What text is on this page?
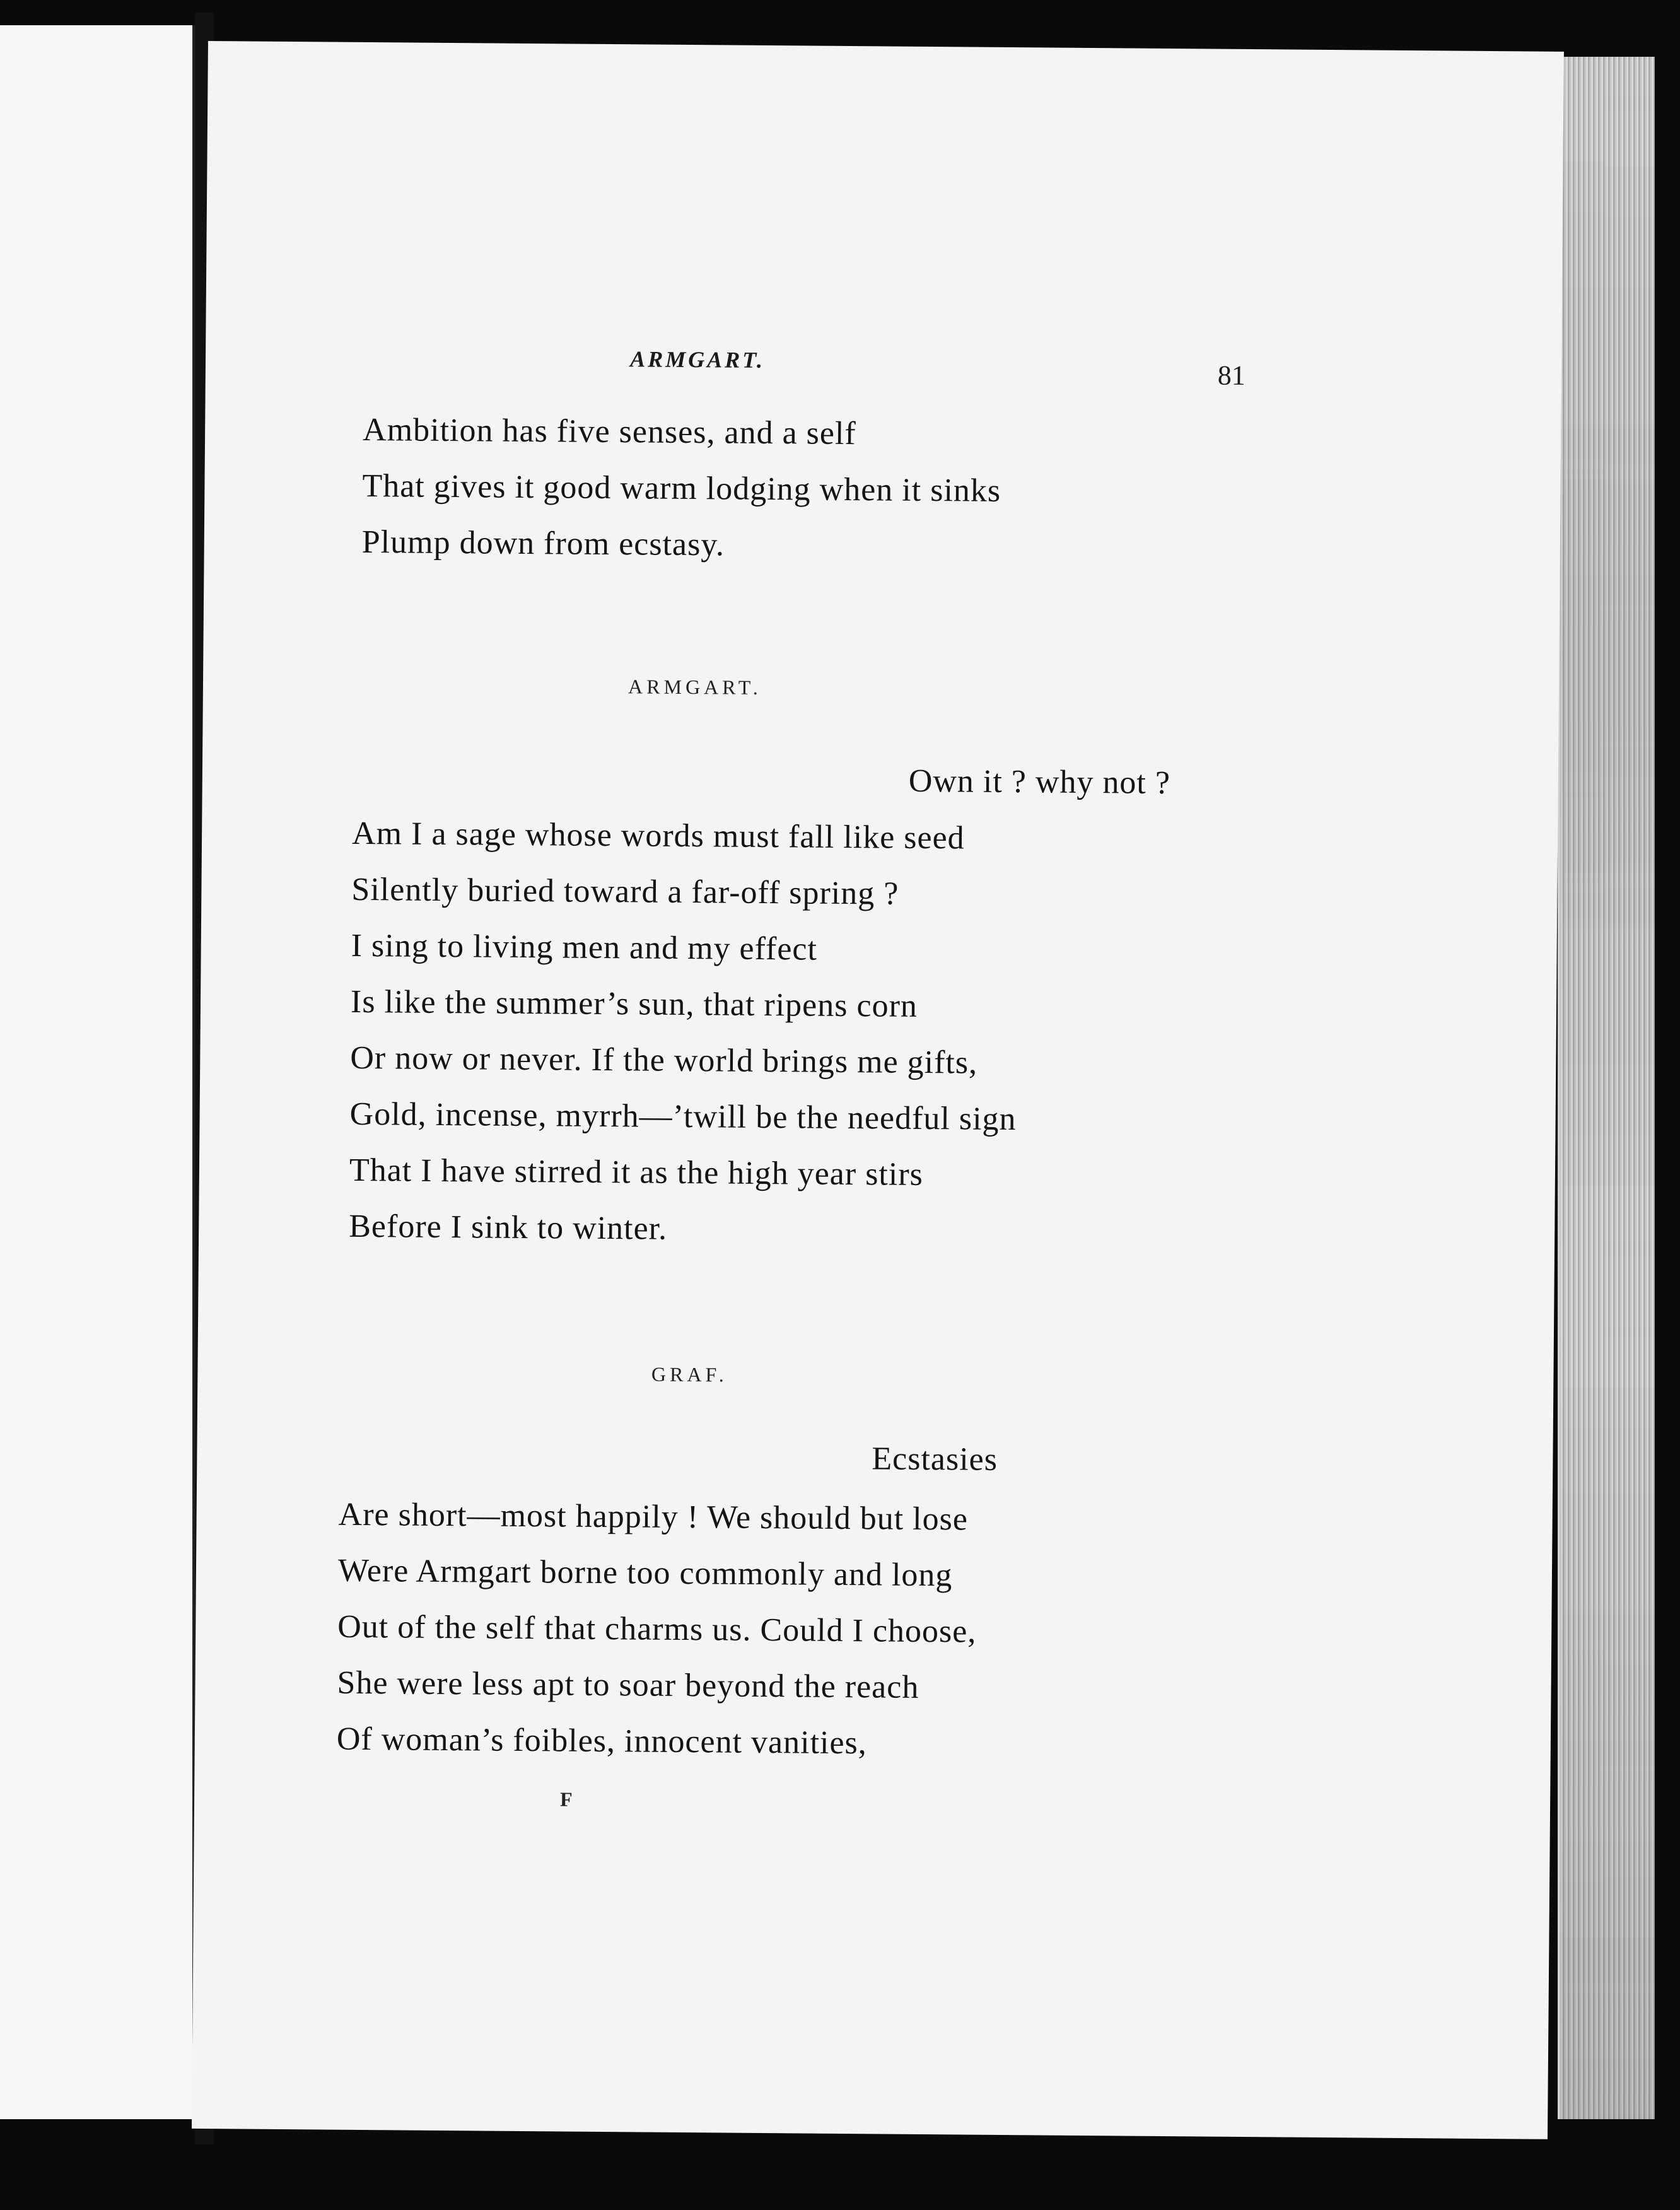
ARMGART.
81
Ambition has five senses, and a self
That gives it good warm lodging when it sinks
Plump down from ecstasy.
ARMGART.
Own it ? why not ?
Am I a sage whose words must fall like seed
Silently buried toward a far-off spring ?
I sing to living men and my effect
Is like the summer’s sun, that ripens corn
Or now or never. If the world brings me gifts,
Gold, incense, myrrh—’twill be the needful sign
That I have stirred it as the high year stirs
Before I sink to winter.
GRAF.
Ecstasies
Are short—most happily ! We should but lose
Were Armgart borne too commonly and long
Out of the self that charms us. Could I choose,
She were less apt to soar beyond the reach
Of woman’s foibles, innocent vanities,
F
